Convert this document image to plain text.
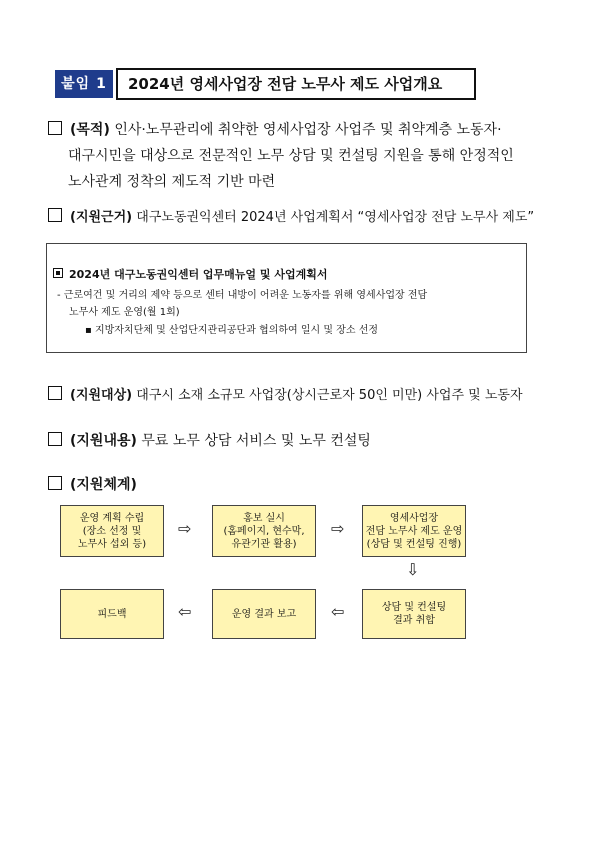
붙임 1	2024년 영세사업장 전담 노무사 제도 사업개요
(목적) 인사·노무관리에 취약한 영세사업장 사업주 및 취약계층 노동자·
대구시민을 대상으로 전문적인 노무 상담 및 컨설팅 지원을 통해 안정적인
노사관계 정착의 제도적 기반 마련
(지원근거) 대구노동권익센터 2024년 사업계획서 “영세사업장 전담 노무사 제도”
2024년 대구노동권익센터 업무매뉴얼 및 사업계획서
- 근로여건 및 거리의 제약 등으로 센터 내방이 어려운 노동자를 위해 영세사업장 전담
노무사 제도 운영(월 1회)
▪ 지방자치단체 및 산업단지관리공단과 협의하여 일시 및 장소 선정
(지원대상) 대구시 소재 소규모 사업장(상시근로자 50인 미만) 사업주 및 노동자
(지원내용) 무료 노무 상담 서비스 및 노무 컨설팅
(지원체계)
운영 계획 수립
(장소 선정 및
노무사 섭외 등)
⇨
홍보 실시
(홈페이지, 현수막,
유관기관 활용)
⇨
영세사업장
전담 노무사 제도 운영
(상담 및 컨설팅 진행)
⇩
상담 및 컨설팅
결과 취합
⇦
운영 결과 보고
⇦
피드백
